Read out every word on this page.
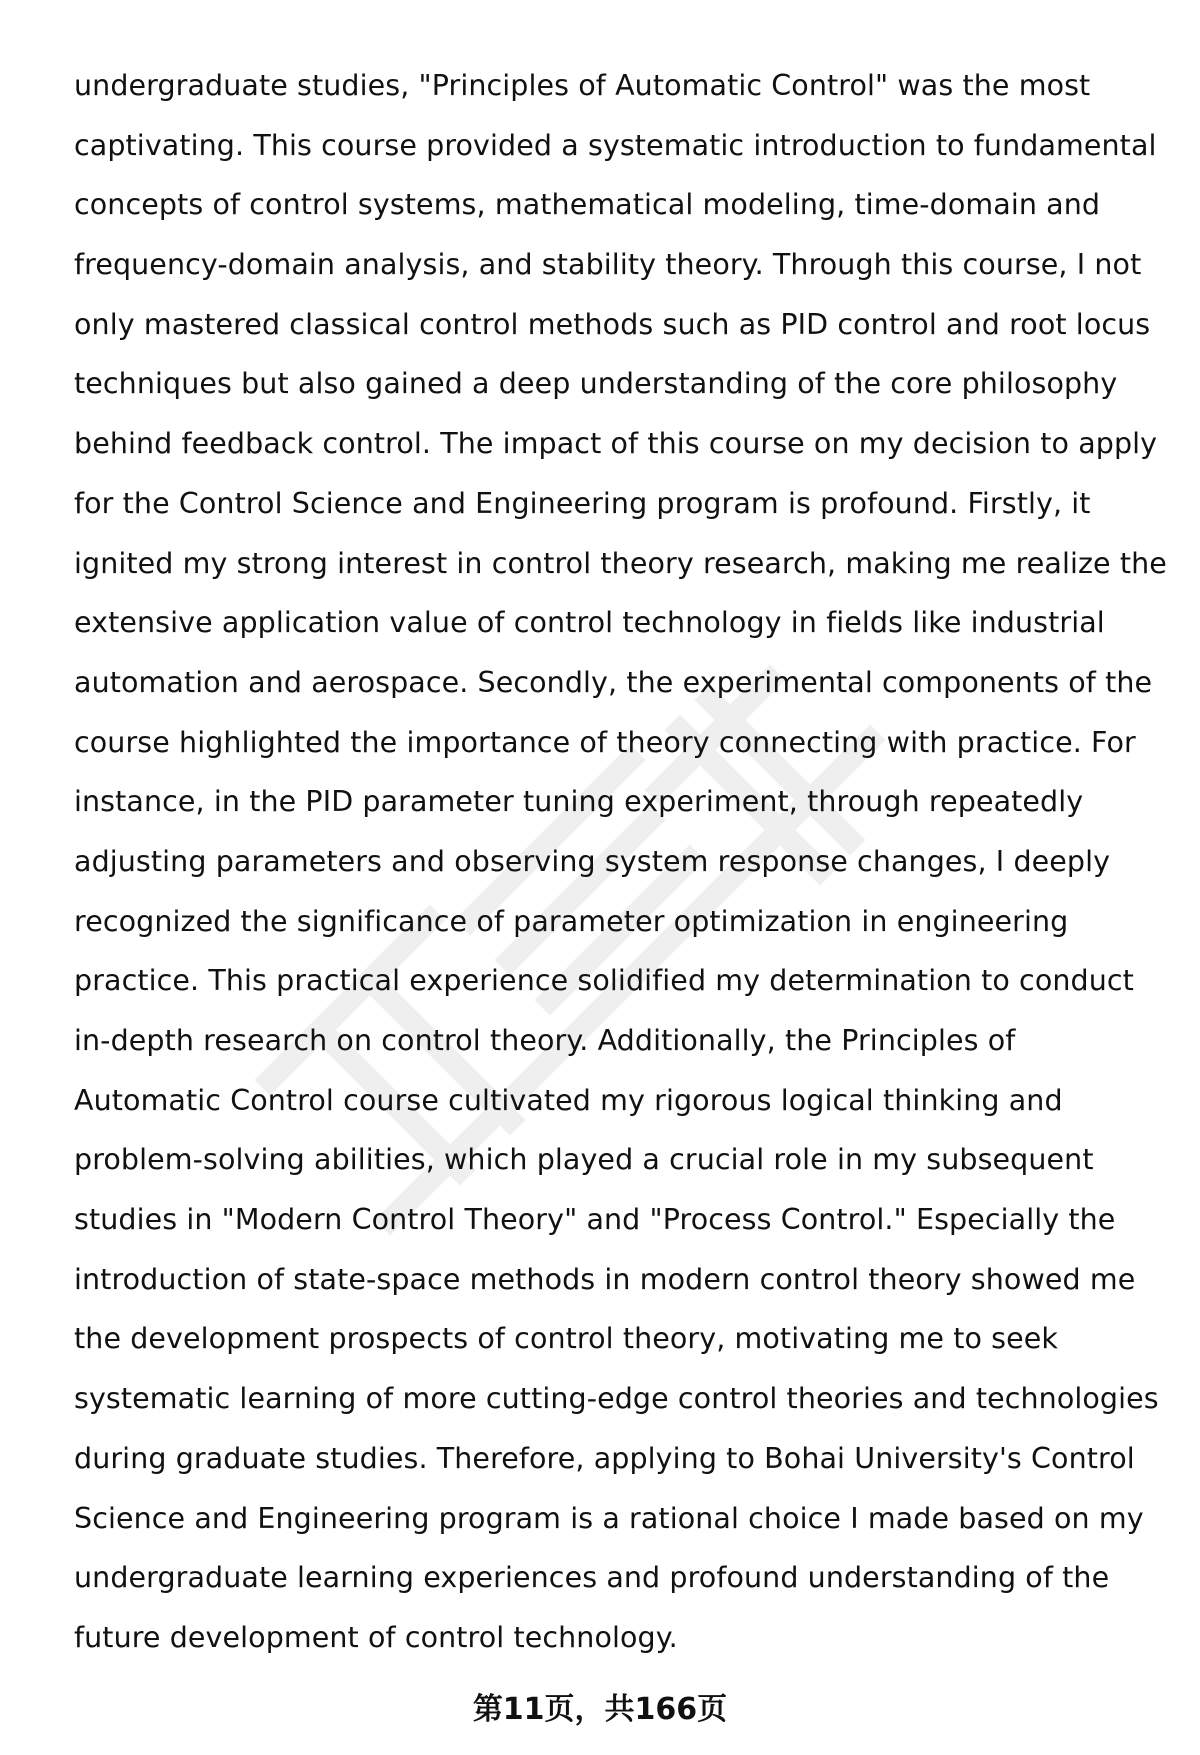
undergraduate studies, "Principles of Automatic Control" was the most
captivating. This course provided a systematic introduction to fundamental
concepts of control systems, mathematical modeling, time-domain and
frequency-domain analysis, and stability theory. Through this course, I not
only mastered classical control methods such as PID control and root locus
techniques but also gained a deep understanding of the core philosophy
behind feedback control. The impact of this course on my decision to apply
for the Control Science and Engineering program is profound. Firstly, it
ignited my strong interest in control theory research, making me realize the
extensive application value of control technology in fields like industrial
automation and aerospace. Secondly, the experimental components of the
course highlighted the importance of theory connecting with practice. For
instance, in the PID parameter tuning experiment, through repeatedly
adjusting parameters and observing system response changes, I deeply
recognized the significance of parameter optimization in engineering
practice. This practical experience solidified my determination to conduct
in-depth research on control theory. Additionally, the Principles of
Automatic Control course cultivated my rigorous logical thinking and
problem-solving abilities, which played a crucial role in my subsequent
studies in "Modern Control Theory" and "Process Control." Especially the
introduction of state-space methods in modern control theory showed me
the development prospects of control theory, motivating me to seek
systematic learning of more cutting-edge control theories and technologies
during graduate studies. Therefore, applying to Bohai University's Control
Science and Engineering program is a rational choice I made based on my
undergraduate learning experiences and profound understanding of the
future development of control technology.
第11页，共166页
